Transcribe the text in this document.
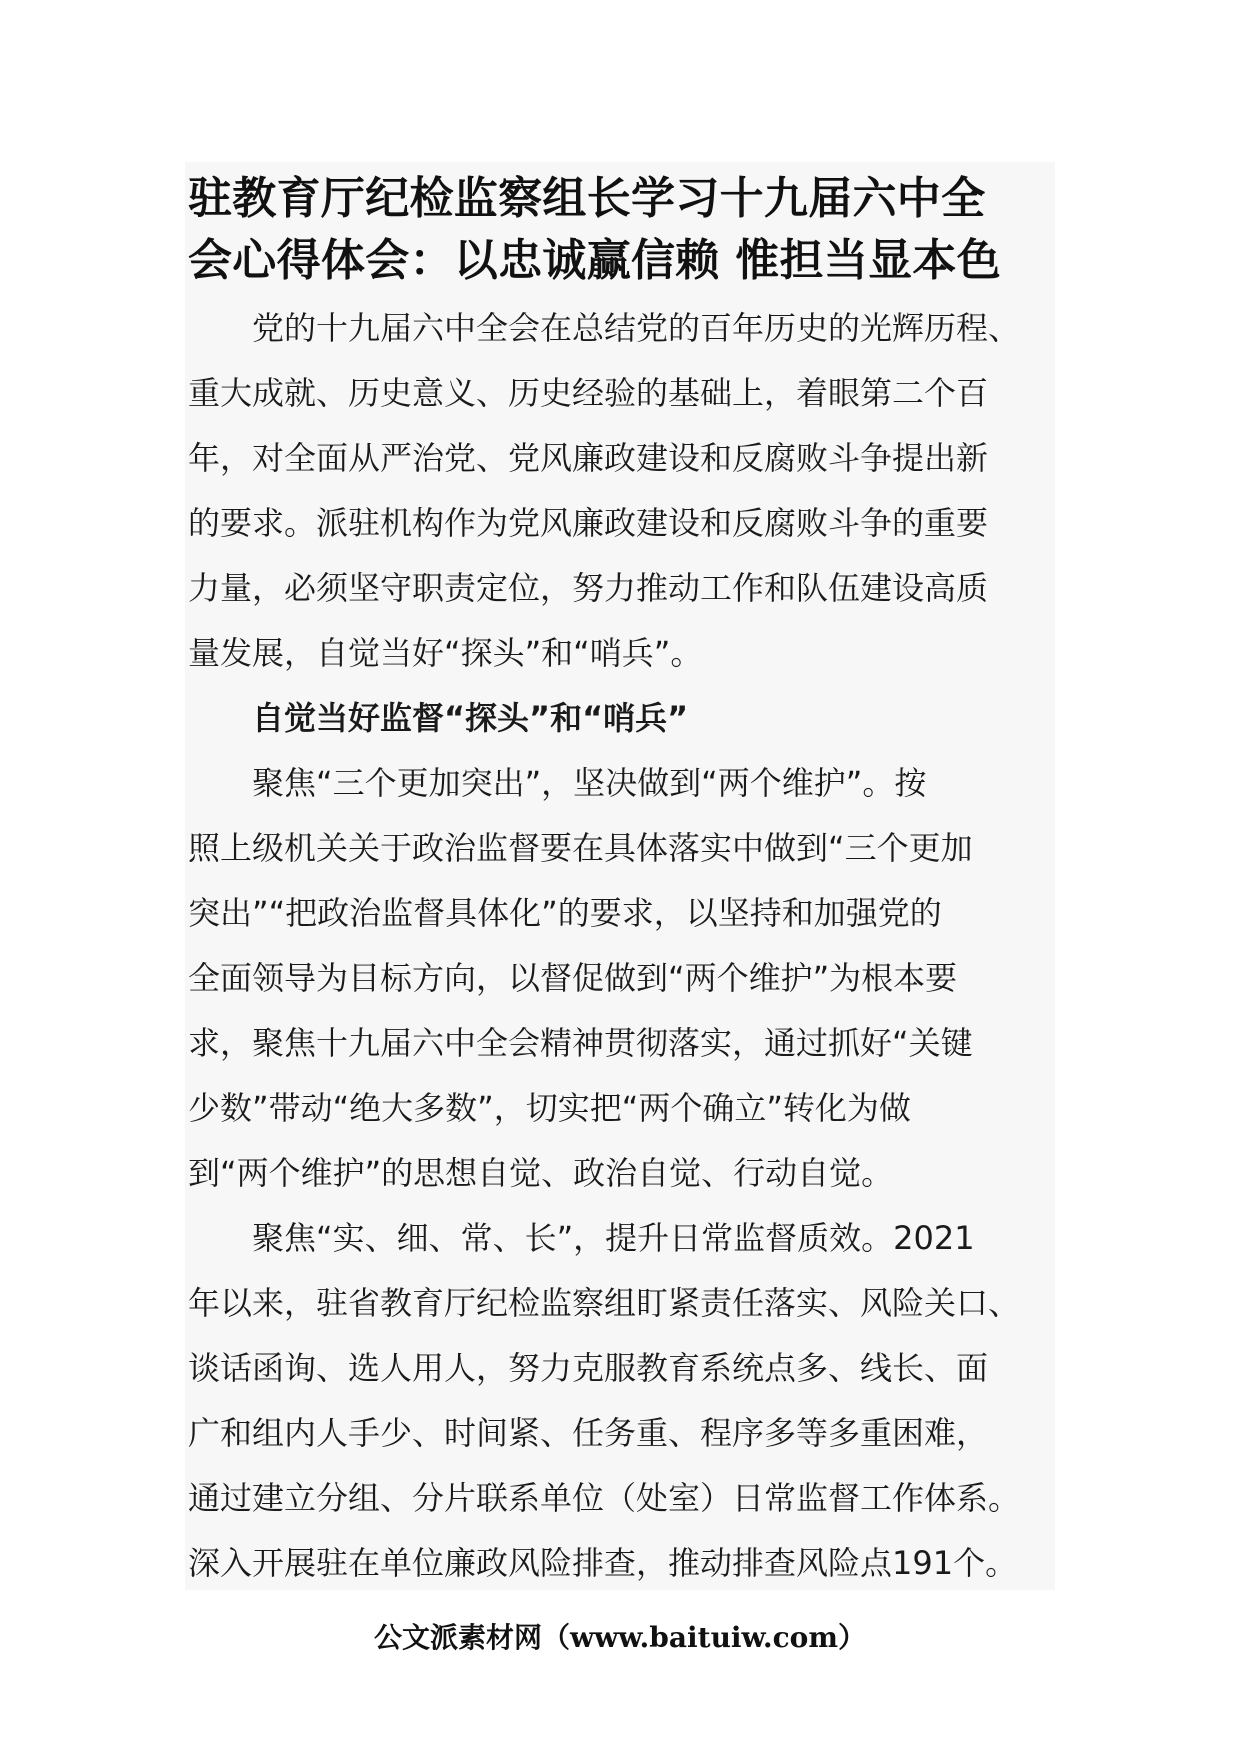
驻教育厅纪检监察组长学习十九届六中全
会心得体会：以忠诚赢信赖 惟担当显本色
党的十九届六中全会在总结党的百年历史的光辉历程、
重大成就、历史意义、历史经验的基础上，着眼第二个百
年，对全面从严治党、党风廉政建设和反腐败斗争提出新
的要求。派驻机构作为党风廉政建设和反腐败斗争的重要
力量，必须坚守职责定位，努力推动工作和队伍建设高质
量发展，自觉当好“探头”和“哨兵”。
自觉当好监督“探头”和“哨兵”
聚焦“三个更加突出”，坚决做到“两个维护”。按
照上级机关关于政治监督要在具体落实中做到“三个更加
突出”“把政治监督具体化”的要求，以坚持和加强党的
全面领导为目标方向，以督促做到“两个维护”为根本要
求，聚焦十九届六中全会精神贯彻落实，通过抓好“关键
少数”带动“绝大多数”，切实把“两个确立”转化为做
到“两个维护”的思想自觉、政治自觉、行动自觉。
聚焦“实、细、常、长”，提升日常监督质效。2021
年以来，驻省教育厅纪检监察组盯紧责任落实、风险关口、
谈话函询、选人用人，努力克服教育系统点多、线长、面
广和组内人手少、时间紧、任务重、程序多等多重困难，
通过建立分组、分片联系单位（处室）日常监督工作体系。
深入开展驻在单位廉政风险排查，推动排查风险点191个。
公文派素材网（www.baituiw.com）
